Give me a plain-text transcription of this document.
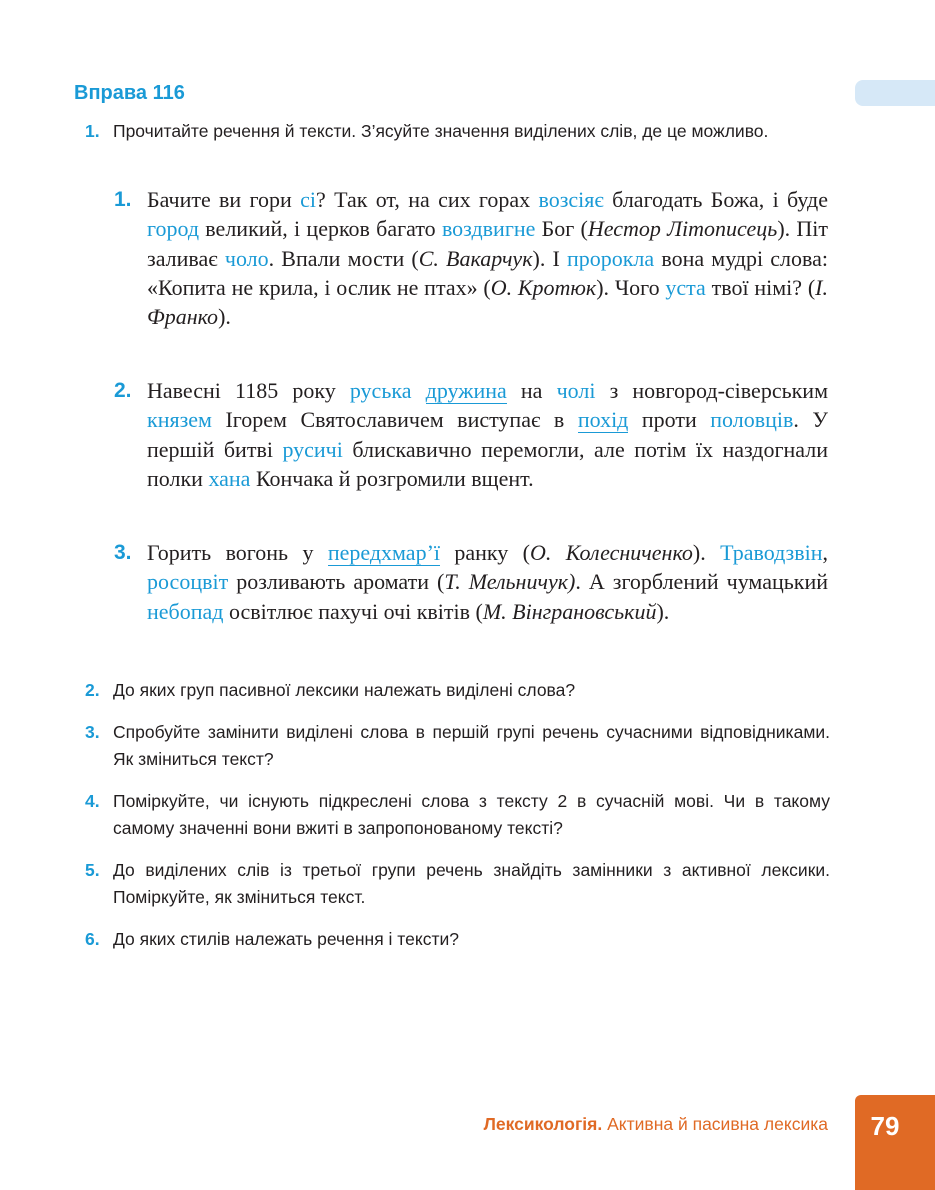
Вправа 116
1. Прочитайте речення й тексти. З’ясуйте значення виділених слів, де це можливо.
1. Бачите ви гори сі? Так от, на сих горах возсіяє благодать Божа, і буде город великий, і церков багато воздвигне Бог (Нестор Літописець). Піт заливає чоло. Впали мости (С. Вакарчук). І пророкла вона мудрі слова: «Копита не крила, і ослик не птах» (О. Кротюк). Чого уста твої німі? (І. Франко).
2. Навесні 1185 року руська дружина на чолі з новгород-сіверським князем Ігорем Святославичем виступає в похід проти половців. У першій битві русичі блискавично перемогли, але потім їх наздогнали полки хана Кончака й розгромили вщент.
3. Горить вогонь у передхмар’ї ранку (О. Колесниченко). Траводзвін, росоцвіт розливають аромати (Т. Мельничук). А згорблений чумацький небопад освітлює пахучі очі квітів (М. Вінграновський).
2. До яких груп пасивної лексики належать виділені слова?
3. Спробуйте замінити виділені слова в першій групі речень сучасними відповідниками. Як зміниться текст?
4. Поміркуйте, чи існують підкреслені слова з тексту 2 в сучасній мові. Чи в такому самому значенні вони вжиті в запропонованому тексті?
5. До виділених слів із третьої групи речень знайдіть замінники з активної лексики. Поміркуйте, як зміниться текст.
6. До яких стилів належать речення і тексти?
Лексикологія. Активна й пасивна лексика	79
